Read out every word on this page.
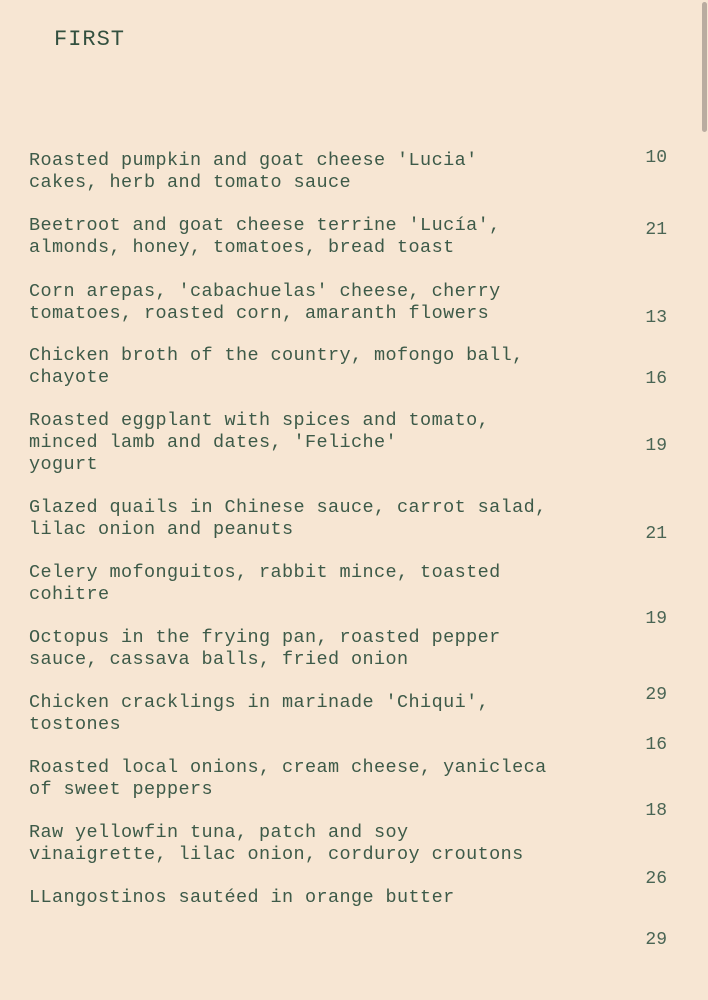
FIRST
Roasted pumpkin and goat cheese 'Lucia'
cakes, herb and tomato sauce
Beetroot and goat cheese terrine 'Lucía',
almonds, honey, tomatoes, bread toast
Corn arepas, 'cabachuelas' cheese, cherry
tomatoes, roasted corn, amaranth flowers
Chicken broth of the country, mofongo ball,
chayote
Roasted eggplant with spices and tomato,
minced lamb and dates, 'Feliche'
yogurt
Glazed quails in Chinese sauce, carrot salad,
lilac onion and peanuts
Celery mofonguitos, rabbit mince, toasted
cohitre
Octopus in the frying pan, roasted pepper
sauce, cassava balls, fried onion
Chicken cracklings in marinade 'Chiqui',
tostones
Roasted local onions, cream cheese, yanicleca
of sweet peppers
Raw yellowfin tuna, patch and soy
vinaigrette, lilac onion, corduroy croutons
LLangostinos sautéed in orange butter
10
21
13
16
19
21
19
29
16
18
26
29
